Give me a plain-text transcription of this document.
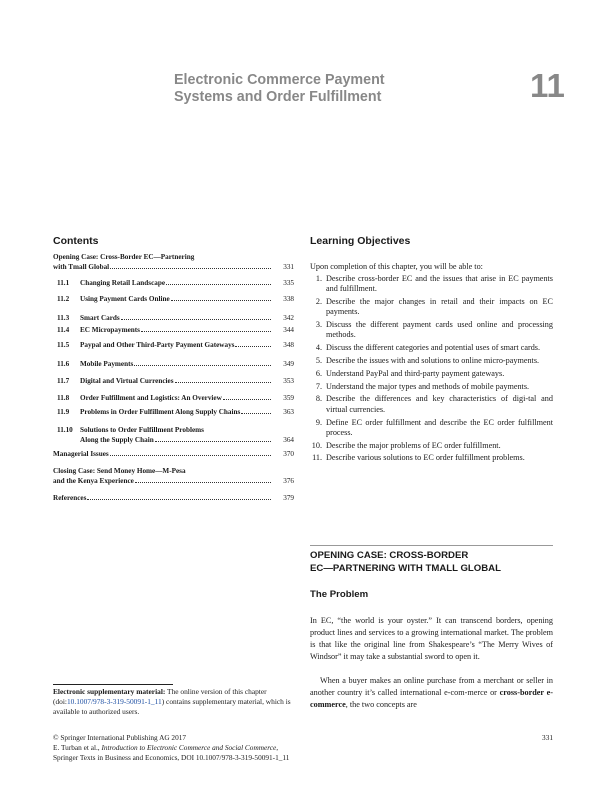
Electronic Commerce Payment
Systems and Order Fulfillment	11
Contents
Opening Case: Cross-Border EC—Partnering
with Tmall Global	331
11.1 Changing Retail Landscape	335
11.2 Using Payment Cards Online	338
11.3 Smart Cards	342
11.4 EC Micropayments	344
11.5 Paypal and Other Third-Party Payment Gateways	348
11.6 Mobile Payments	349
11.7 Digital and Virtual Currencies	353
11.8 Order Fulfillment and Logistics: An Overview	359
11.9 Problems in Order Fulfillment Along Supply Chains	363
11.10 Solutions to Order Fulfillment Problems
Along the Supply Chain	364
Managerial Issues	370
Closing Case: Send Money Home—M-Pesa
and the Kenya Experience	376
References	379
Electronic supplementary material: The online version of this chapter (doi:10.1007/978-3-319-50091-1_11) contains supplementary material, which is available to authorized users.
Learning Objectives
Upon completion of this chapter, you will be able to:
1. Describe cross-border EC and the issues that arise in EC payments and fulfillment.
2. Describe the major changes in retail and their impacts on EC payments.
3. Discuss the different payment cards used online and processing methods.
4. Discuss the different categories and potential uses of smart cards.
5. Describe the issues with and solutions to online micro-payments.
6. Understand PayPal and third-party payment gateways.
7. Understand the major types and methods of mobile payments.
8. Describe the differences and key characteristics of digi-tal and virtual currencies.
9. Define EC order fulfillment and describe the EC order fulfillment process.
10. Describe the major problems of EC order fulfillment.
11. Describe various solutions to EC order fulfillment problems.
OPENING CASE: CROSS-BORDER
EC—PARTNERING WITH TMALL GLOBAL
The Problem

In EC, “the world is your oyster.” It can transcend borders, opening product lines and services to a growing international market. The problem is that like the original line from Shakespeare’s “The Merry Wives of Windsor” it may take a substantial sword to open it.

When a buyer makes an online purchase from a merchant or seller in another country it’s called international e-com-merce or cross-border e-commerce, the two concepts are

© Springer International Publishing AG 2017
E. Turban et al., Introduction to Electronic Commerce and Social Commerce,
Springer Texts in Business and Economics, DOI 10.1007/978-3-319-50091-1_11
331
